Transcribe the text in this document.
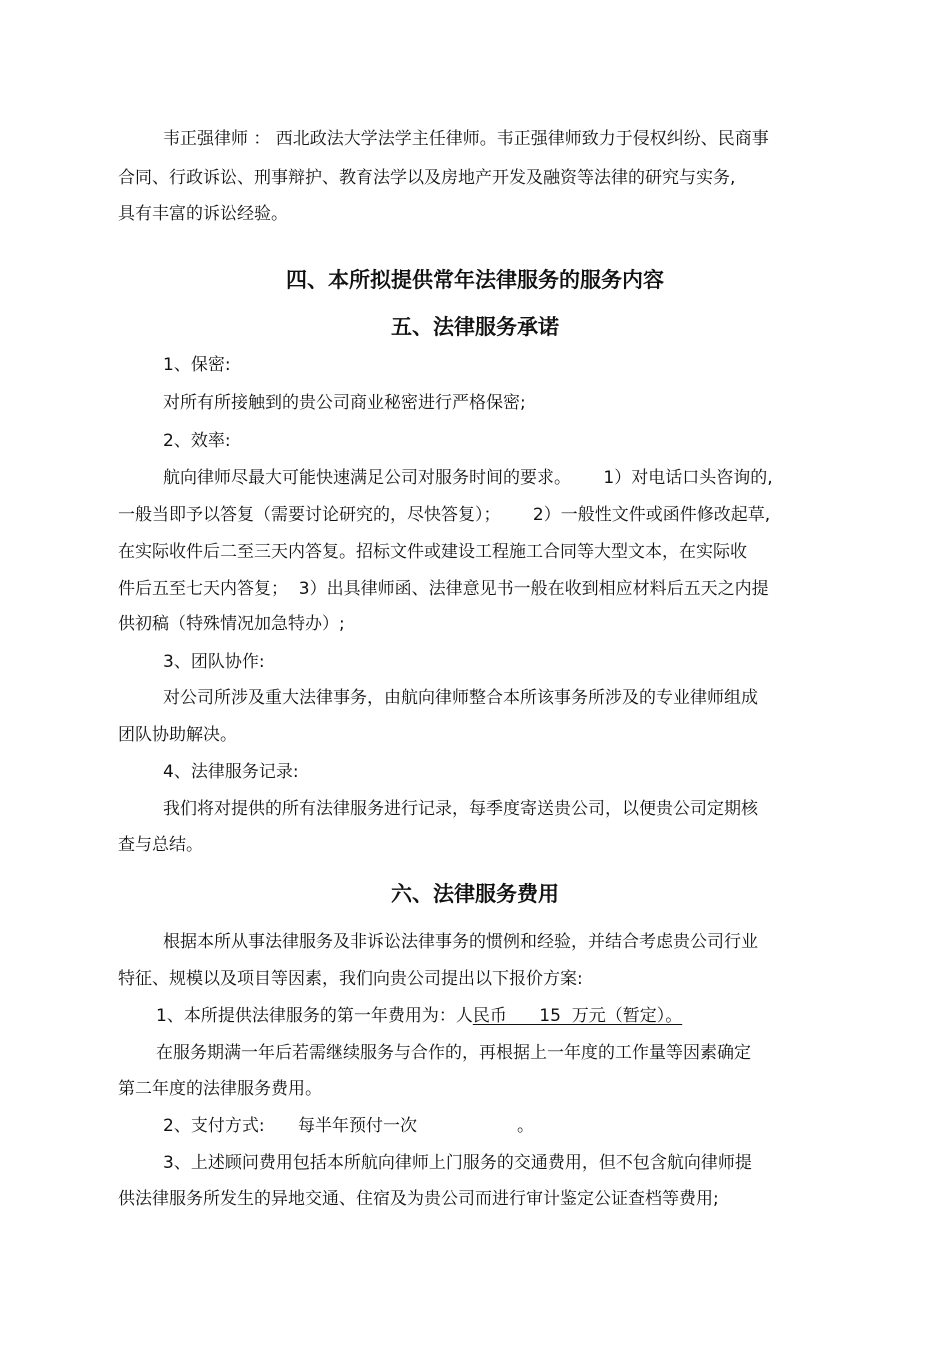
韦正强律师 ： 西北政法大学法学主任律师。韦正强律师致力于侵权纠纷、民商事

合同、行政诉讼、刑事辩护、教育法学以及房地产开发及融资等法律的研究与实务,

具有丰富的诉讼经验。

四、本所拟提供常年法律服务的服务内容
五、法律服务承诺

1、保密:

对所有所接触到的贵公司商业秘密进行严格保密;

2、效率:

航向律师尽最大可能快速满足公司对服务时间的要求。      1）对电话口头咨询的,

一般当即予以答复（需要讨论研究的，尽快答复）；      2）一般性文件或函件修改起草,

在实际收件后二至三天内答复。招标文件或建设工程施工合同等大型文本，在实际收

件后五至七天内答复；  3）出具律师函、法律意见书一般在收到相应材料后五天之内提

供初稿（特殊情况加急特办）;

3、团队协作:

对公司所涉及重大法律事务，由航向律师整合本所该事务所涉及的专业律师组成

团队协助解决。

4、法律服务记录:

我们将对提供的所有法律服务进行记录，每季度寄送贵公司，以便贵公司定期核

查与总结。

六、法律服务费用

根据本所从事法律服务及非诉讼法律事务的惯例和经验，并结合考虑贵公司行业

特征、规模以及项目等因素，我们向贵公司提出以下报价方案:

1、本所提供法律服务的第一年费用为：人民币      15  万元（暂定）。

在服务期满一年后若需继续服务与合作的，再根据上一年度的工作量等因素确定

第二年度的法律服务费用。

2、支付方式: 每半年预付一次	。

3、上述顾问费用包括本所航向律师上门服务的交通费用，但不包含航向律师提

供法律服务所发生的异地交通、住宿及为贵公司而进行审计鉴定公证查档等费用;
